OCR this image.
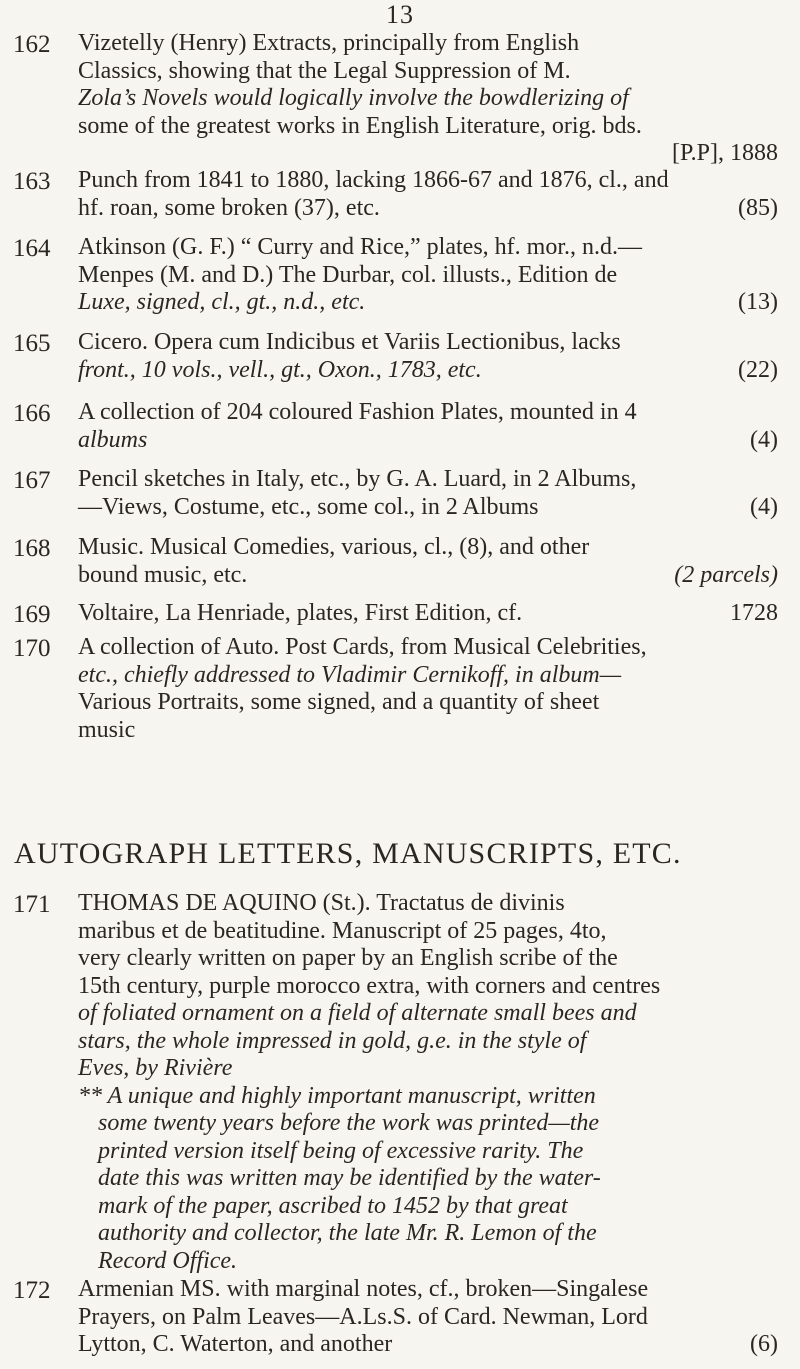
13
162 Vizetelly (Henry) Extracts, principally from English
Classics, showing that the Legal Suppression of M.
Zola’s Novels would logically involve the bowdlerizing of
some of the greatest works in English Literature, orig. bds.
[P.P], 1888
163 Punch from 1841 to 1880, lacking 1866-67 and 1876, cl., and
(85)
hf. roan, some broken (37), etc.
164 Atkinson (G. F.) “ Curry and Rice,” plates, hf. mor., n.d.—
Menpes (M. and D.) The Durbar, col. illusts., Edition de
(13)
Luxe, signed, cl., gt., n.d., etc.
165 Cicero. Opera cum Indicibus et Variis Lectionibus, lacks
(22)
front., 10 vols., vell., gt., Oxon., 1783, etc.
166 A collection of 204 coloured Fashion Plates, mounted in 4
(4)
albums
167 Pencil sketches in Italy, etc., by G. A. Luard, in 2 Albums,
(4)
—Views, Costume, etc., some col., in 2 Albums
168 Music. Musical Comedies, various, cl., (8), and other
(2 parcels)
bound music, etc.
169	1728
Voltaire, La Henriade, plates, First Edition, cf.
170 A collection of Auto. Post Cards, from Musical Celebrities,
etc., chiefly addressed to Vladimir Cernikoff, in album—
Various Portraits, some signed, and a quantity of sheet
music
AUTOGRAPH LETTERS, MANUSCRIPTS, ETC.
171 THOMAS DE AQUINO (St.). Tractatus de divinis
maribus et de beatitudine. Manuscript of 25 pages, 4to,
very clearly written on paper by an English scribe of the
15th century, purple morocco extra, with corners and centres
of foliated ornament on a field of alternate small bees and
stars, the whole impressed in gold, g.e. in the style of
Eves, by Rivière
** A unique and highly important manuscript, written
some twenty years before the work was printed—the
printed version itself being of excessive rarity. The
date this was written may be identified by the water-
mark of the paper, ascribed to 1452 by that great
authority and collector, the late Mr. R. Lemon of the
Record Office.
172 Armenian MS. with marginal notes, cf., broken—Singalese
Prayers, on Palm Leaves—A.Ls.S. of Card. Newman, Lord
(6)
Lytton, C. Waterton, and another
